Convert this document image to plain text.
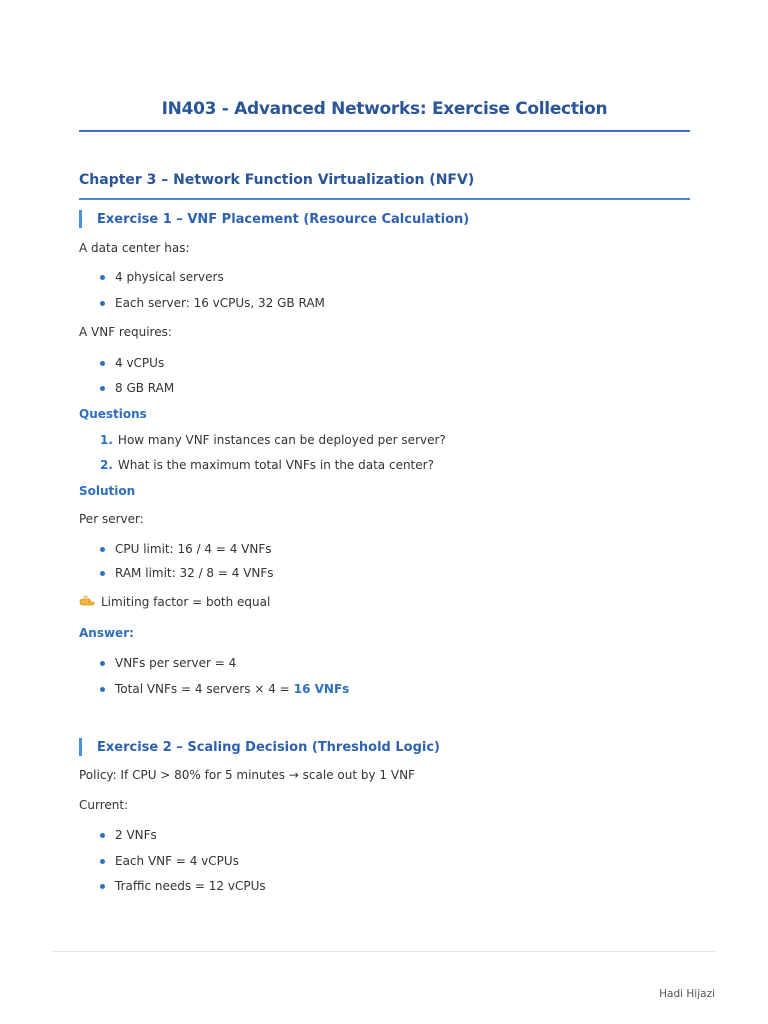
IN403 - Advanced Networks: Exercise Collection
Chapter 3 – Network Function Virtualization (NFV)
Exercise 1 – VNF Placement (Resource Calculation)
A data center has:
4 physical servers
Each server: 16 vCPUs, 32 GB RAM
A VNF requires:
4 vCPUs
8 GB RAM
Questions
1. How many VNF instances can be deployed per server?
2. What is the maximum total VNFs in the data center?
Solution
Per server:
CPU limit: 16 / 4 = 4 VNFs
RAM limit: 32 / 8 = 4 VNFs
Limiting factor = both equal
Answer:
VNFs per server = 4
Total VNFs = 4 servers × 4 = 16 VNFs
Exercise 2 – Scaling Decision (Threshold Logic)
Policy: If CPU > 80% for 5 minutes → scale out by 1 VNF
Current:
2 VNFs
Each VNF = 4 vCPUs
Traffic needs = 12 vCPUs
Hadi Hijazi
